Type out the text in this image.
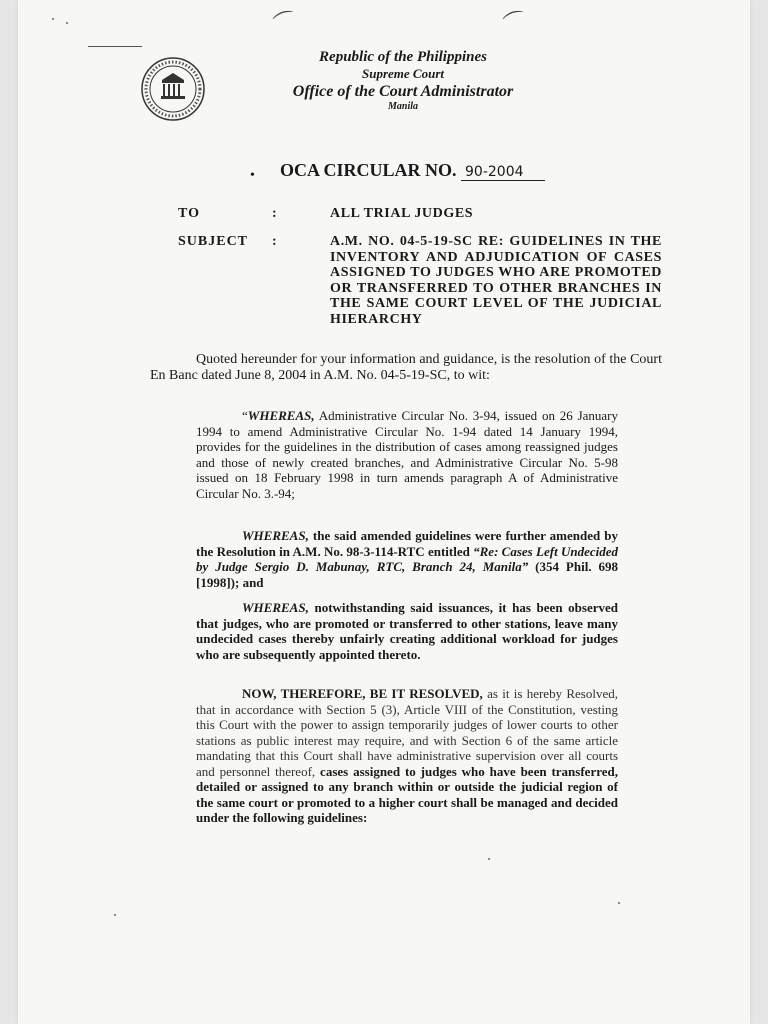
⌒	⌒
Republic of the Philippines
Supreme Court
Office of the Court Administrator
Manila
• OCA CIRCULAR NO. 90-2004
TO	:	ALL TRIAL JUDGES
SUBJECT :	A.M. NO. 04-5-19-SC RE: GUIDELINES IN THE INVENTORY AND ADJUDICATION OF CASES ASSIGNED TO JUDGES WHO ARE PROMOTED OR TRANSFERRED TO OTHER BRANCHES IN THE SAME COURT LEVEL OF THE JUDICIAL HIERARCHY
Quoted hereunder for your information and guidance, is the resolution of the Court En Banc dated June 8, 2004 in A.M. No. 04-5-19-SC, to wit:
“WHEREAS, Administrative Circular No. 3-94, issued on 26 January 1994 to amend Administrative Circular No. 1-94 dated 14 January 1994, provides for the guidelines in the distribution of cases among reassigned judges and those of newly created branches, and Administrative Circular No. 5-98 issued on 18 February 1998 in turn amends paragraph A of Administrative Circular No. 3.-94;
WHEREAS, the said amended guidelines were further amended by the Resolution in A.M. No. 98-3-114-RTC entitled “Re: Cases Left Undecided by Judge Sergio D. Mabunay, RTC, Branch 24, Manila” (354 Phil. 698 [1998]); and
WHEREAS, notwithstanding said issuances, it has been observed that judges, who are promoted or transferred to other stations, leave many undecided cases thereby unfairly creating additional workload for judges who are subsequently appointed thereto.
NOW, THEREFORE, BE IT RESOLVED, as it is hereby Resolved, that in accordance with Section 5 (3), Article VIII of the Constitution, vesting this Court with the power to assign temporarily judges of lower courts to other stations as public interest may require, and with Section 6 of the same article mandating that this Court shall have administrative supervision over all courts and personnel thereof, cases assigned to judges who have been transferred, detailed or assigned to any branch within or outside the judicial region of the same court or promoted to a higher court shall be managed and decided under the following guidelines:
